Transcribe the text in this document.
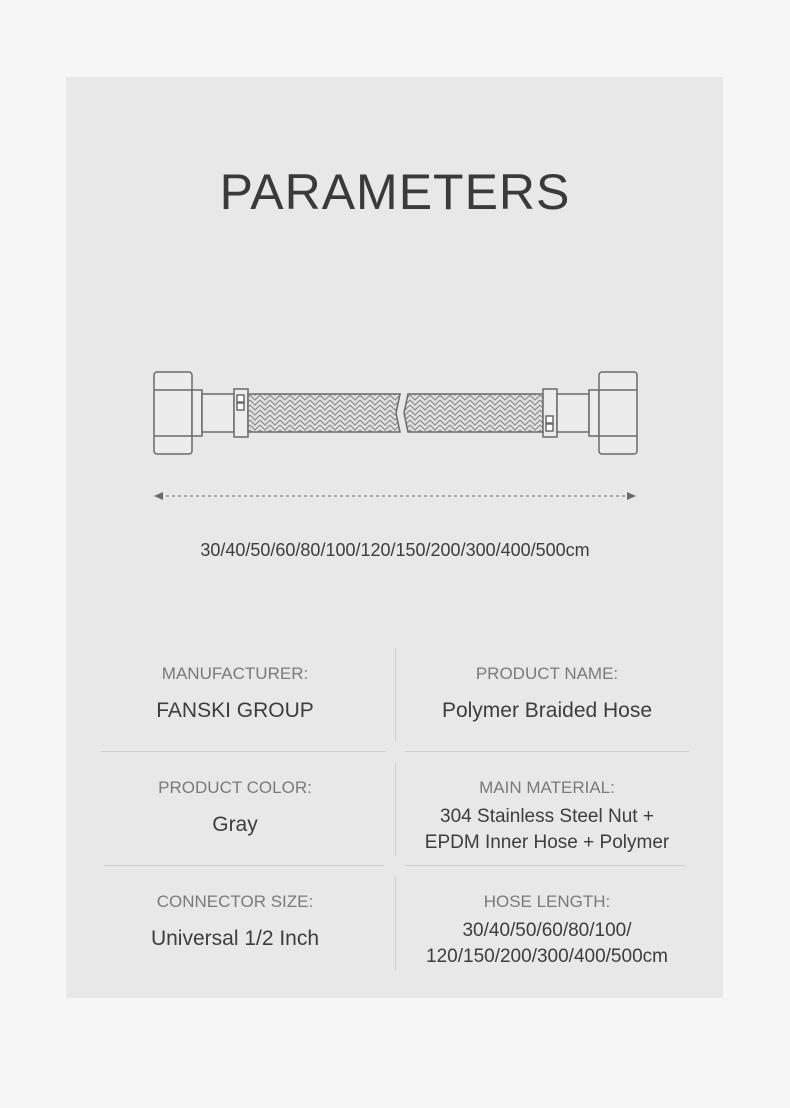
PARAMETERS
30/40/50/60/80/100/120/150/200/300/400/500cm
MANUFACTURER:
FANSKI GROUP
PRODUCT NAME:
Polymer Braided Hose
PRODUCT COLOR:
Gray
MAIN MATERIAL:
304 Stainless Steel Nut +
EPDM Inner Hose + Polymer
CONNECTOR SIZE:
Universal 1/2 Inch
HOSE LENGTH:
30/40/50/60/80/100/
120/150/200/300/400/500cm
